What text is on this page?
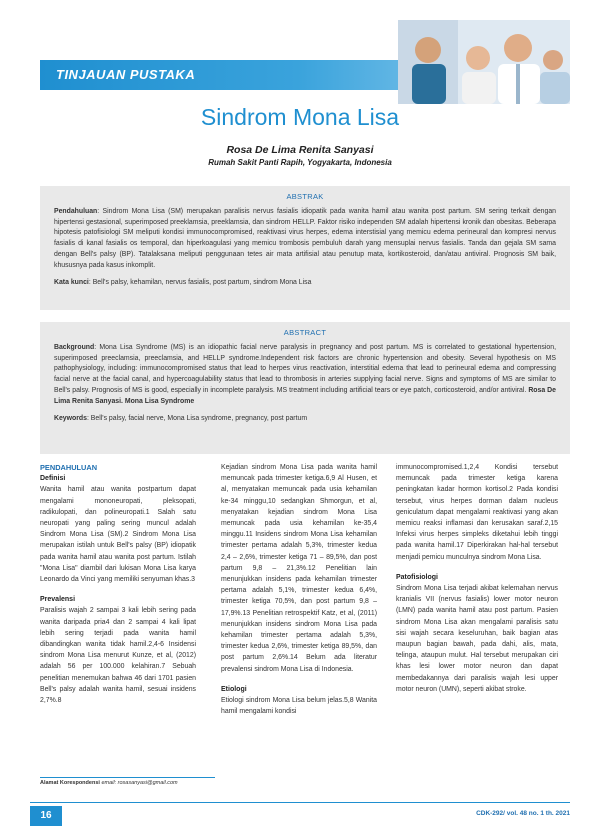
TINJAUAN PUSTAKA
Sindrom Mona Lisa
Rosa De Lima Renita Sanyasi
Rumah Sakit Panti Rapih, Yogyakarta, Indonesia
ABSTRAK
Pendahuluan: Sindrom Mona Lisa (SM) merupakan paralisis nervus fasialis idiopatik pada wanita hamil atau wanita post partum. SM sering terkait dengan hipertensi gestasional, superimposed preeklamsia, preeklamsia, dan sindrom HELLP. Faktor risiko independen SM adalah hipertensi kronik dan obesitas. Beberapa hipotesis patofisiologi SM meliputi kondisi immunocompromised, reaktivasi virus herpes, edema interstisial yang memicu edema perineural dan kompresi nervus fasialis di kanal fasialis os temporal, dan hiperkoagulasi yang memicu trombosis pembuluh darah yang mensuplai nervus fasialis. Tanda dan gejala SM sama dengan Bell's palsy (BP). Tatalaksana meliputi penggunaan tetes air mata artifisial atau penutup mata, kortikosteroid, dan/atau antiviral. Prognosis SM baik, khususnya pada kasus inkomplit.
Kata kunci: Bell's palsy, kehamilan, nervus fasialis, post partum, sindrom Mona Lisa
ABSTRACT
Background: Mona Lisa Syndrome (MS) is an idiopathic facial nerve paralysis in pregnancy and post partum. MS is correlated to gestational hypertension, superimposed preeclamsia, preeclamsia, and HELLP syndrome.Independent risk factors are chronic hypertension and obesity. Several hypothesis on MS pathophysiology, including: immunocompromised status that lead to herpes virus reactivation, interstitial edema that lead to perineural edema and compressing facial nerve at the facial canal, and hypercoagulability status that lead to thrombosis in arteries supplying facial nerve. Signs and symptoms of MS are similar to Bell's palsy. Prognosis of MS is good, especially in incomplete paralysis. MS treatment including artificial tears or eye patch, corticosteroid, and/or antiviral. Rosa De Lima Renita Sanyasi. Mona Lisa Syndrome
Keywords: Bell's palsy, facial nerve, Mona Lisa syndrome, pregnancy, post partum
PENDAHULUAN
Definisi

Wanita hamil atau wanita postpartum dapat mengalami mononeuropati, pleksopati, radikulopati, dan polineuropati.1 Salah satu neuropati yang paling sering muncul adalah Sindrom Mona Lisa (SM).2 Sindrom Mona Lisa merupakan istilah untuk Bell's palsy (BP) idiopatik pada wanita hamil atau wanita post partum. Istilah "Mona Lisa" diambil dari lukisan Mona Lisa karya Leonardo da Vinci yang memiliki senyuman khas.3

Prevalensi

Paralisis wajah 2 sampai 3 kali lebih sering pada wanita daripada pria4 dan 2 sampai 4 kali lipat lebih sering terjadi pada wanita hamil dibandingkan wanita tidak hamil.2,4-6 Insidensi sindrom Mona Lisa menurut Kunze, et al, (2012) adalah 56 per 100.000 kelahiran.7 Sebuah penelitian menemukan bahwa 46 dari 1701 pasien Bell's palsy adalah wanita hamil, sesuai insidens 2,7%.8

Kejadian sindrom Mona Lisa pada wanita hamil memuncak pada trimester ketiga.6,9 Al Husen, et al, menyatakan memuncak pada usia kehamilan ke-34 minggu,10 sedangkan Shmorgun, et al, menyatakan kejadian sindrom Mona Lisa memuncak pada usia kehamilan ke-35,4 minggu.11 Insidens sindrom Mona Lisa kehamilan trimester pertama adalah 5,3%, trimester kedua 2,4 – 2,6%, trimester ketiga 71 – 89,5%, dan post partum 9,8 – 21,3%.12 Penelitian lain menunjukkan insidens pada kehamilan trimester pertama adalah 5,1%, trimester kedua 6,4%, trimester ketiga 70,5%, dan post partum 9,8 – 17,9%.13 Penelitian retrospektif Katz, et al, (2011) menunjukkan insidens sindrom Mona Lisa pada kehamilan trimester pertama adalah 5,3%, trimester kedua 2,6%, trimester ketiga 89,5%, dan post partum 2,6%.14 Belum ada literatur prevalensi sindrom Mona Lisa di Indonesia.

Etiologi

Etiologi sindrom Mona Lisa belum jelas.5,8 Wanita hamil mengalami kondisi

immunocompromised.1,2,4 Kondisi tersebut memuncak pada trimester ketiga karena peningkatan kadar hormon kortisol.2 Pada kondisi tersebut, virus herpes dorman dalam nucleus geniculatum dapat mengalami reaktivasi yang akan memicu reaksi inflamasi dan kerusakan saraf.2,15 Infeksi virus herpes simpleks diketahui lebih tinggi pada wanita hamil.17 Diperkirakan hal-hal tersebut menjadi pemicu munculnya sindrom Mona Lisa.

Patofisiologi

Sindrom Mona Lisa terjadi akibat kelemahan nervus kranialis VII (nervus fasialis) lower motor neuron (LMN) pada wanita hamil atau post partum. Pasien sindrom Mona Lisa akan mengalami paralisis satu sisi wajah secara keseluruhan, baik bagian atas maupun bagian bawah, pada dahi, alis, mata, telinga, ataupun mulut. Hal tersebut merupakan ciri khas lesi lower motor neuron dan dapat membedakannya dari paralisis wajah lesi upper motor neuron (UMN), seperti akibat stroke.

Alamat Korespondensi email: rosasanyasi@gmail.com
16	CDK-292/ vol. 48 no. 1 th. 2021
